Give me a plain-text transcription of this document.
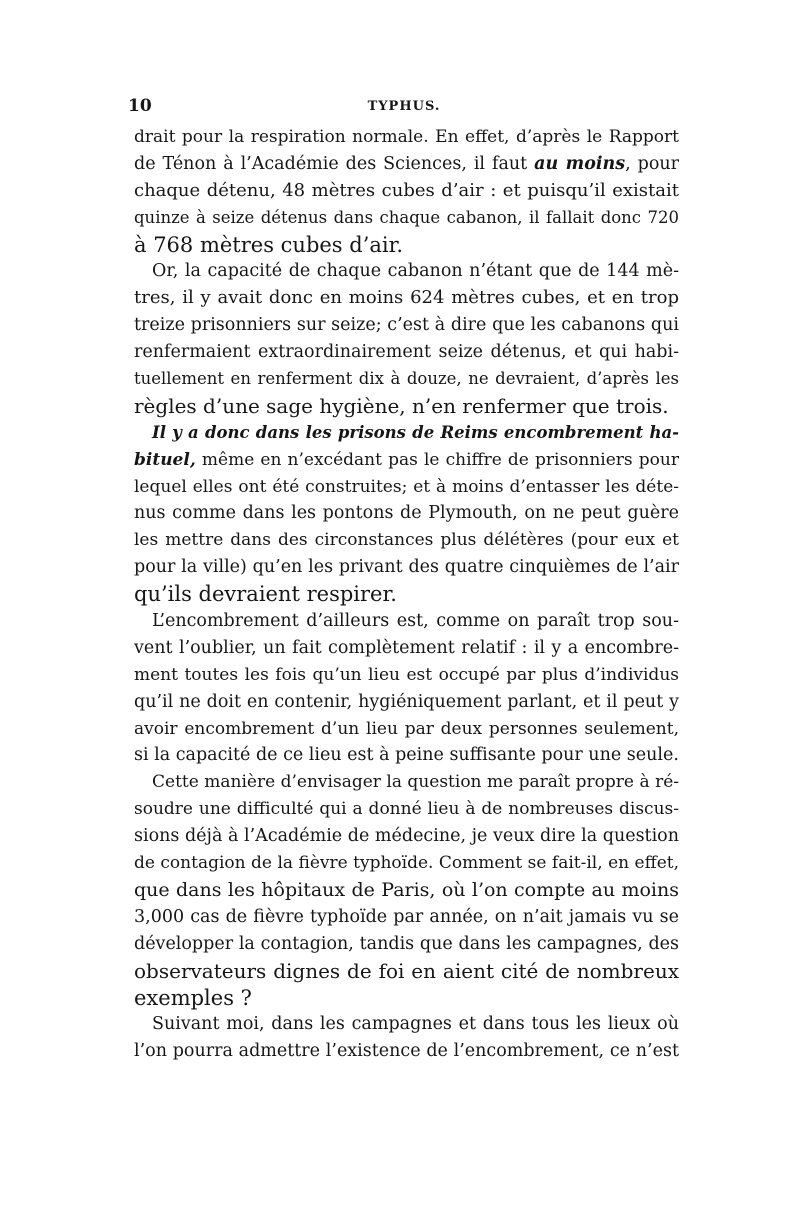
10	TYPHUS.
drait pour la respiration normale. En effet, d’après le Rapport
de Ténon à l’Académie des Sciences, il faut au moins, pour
chaque détenu, 48 mètres cubes d’air : et puisqu’il existait
quinze à seize détenus dans chaque cabanon, il fallait donc 720
à 768 mètres cubes d’air.
Or, la capacité de chaque cabanon n’étant que de 144 mè-
tres, il y avait donc en moins 624 mètres cubes, et en trop
treize prisonniers sur seize; c’est à dire que les cabanons qui
renfermaient extraordinairement seize détenus, et qui habi-
tuellement en renferment dix à douze, ne devraient, d’après les
règles d’une sage hygiène, n’en renfermer que trois.
Il y a donc dans les prisons de Reims encombrement ha-
bituel, même en n’excédant pas le chiffre de prisonniers pour
lequel elles ont été construites; et à moins d’entasser les déte-
nus comme dans les pontons de Plymouth, on ne peut guère
les mettre dans des circonstances plus délétères (pour eux et
pour la ville) qu’en les privant des quatre cinquièmes de l’air
qu’ils devraient respirer.
L’encombrement d’ailleurs est, comme on paraît trop sou-
vent l’oublier, un fait complètement relatif : il y a encombre-
ment toutes les fois qu’un lieu est occupé par plus d’individus
qu’il ne doit en contenir, hygiéniquement parlant, et il peut y
avoir encombrement d’un lieu par deux personnes seulement,
si la capacité de ce lieu est à peine suffisante pour une seule.
Cette manière d’envisager la question me paraît propre à ré-
soudre une difficulté qui a donné lieu à de nombreuses discus-
sions déjà à l’Académie de médecine, je veux dire la question
de contagion de la fièvre typhoïde. Comment se fait-il, en effet,
que dans les hôpitaux de Paris, où l’on compte au moins
3,000 cas de fièvre typhoïde par année, on n’ait jamais vu se
développer la contagion, tandis que dans les campagnes, des
observateurs dignes de foi en aient cité de nombreux
exemples ?
Suivant moi, dans les campagnes et dans tous les lieux où
l’on pourra admettre l’existence de l’encombrement, ce n’est
